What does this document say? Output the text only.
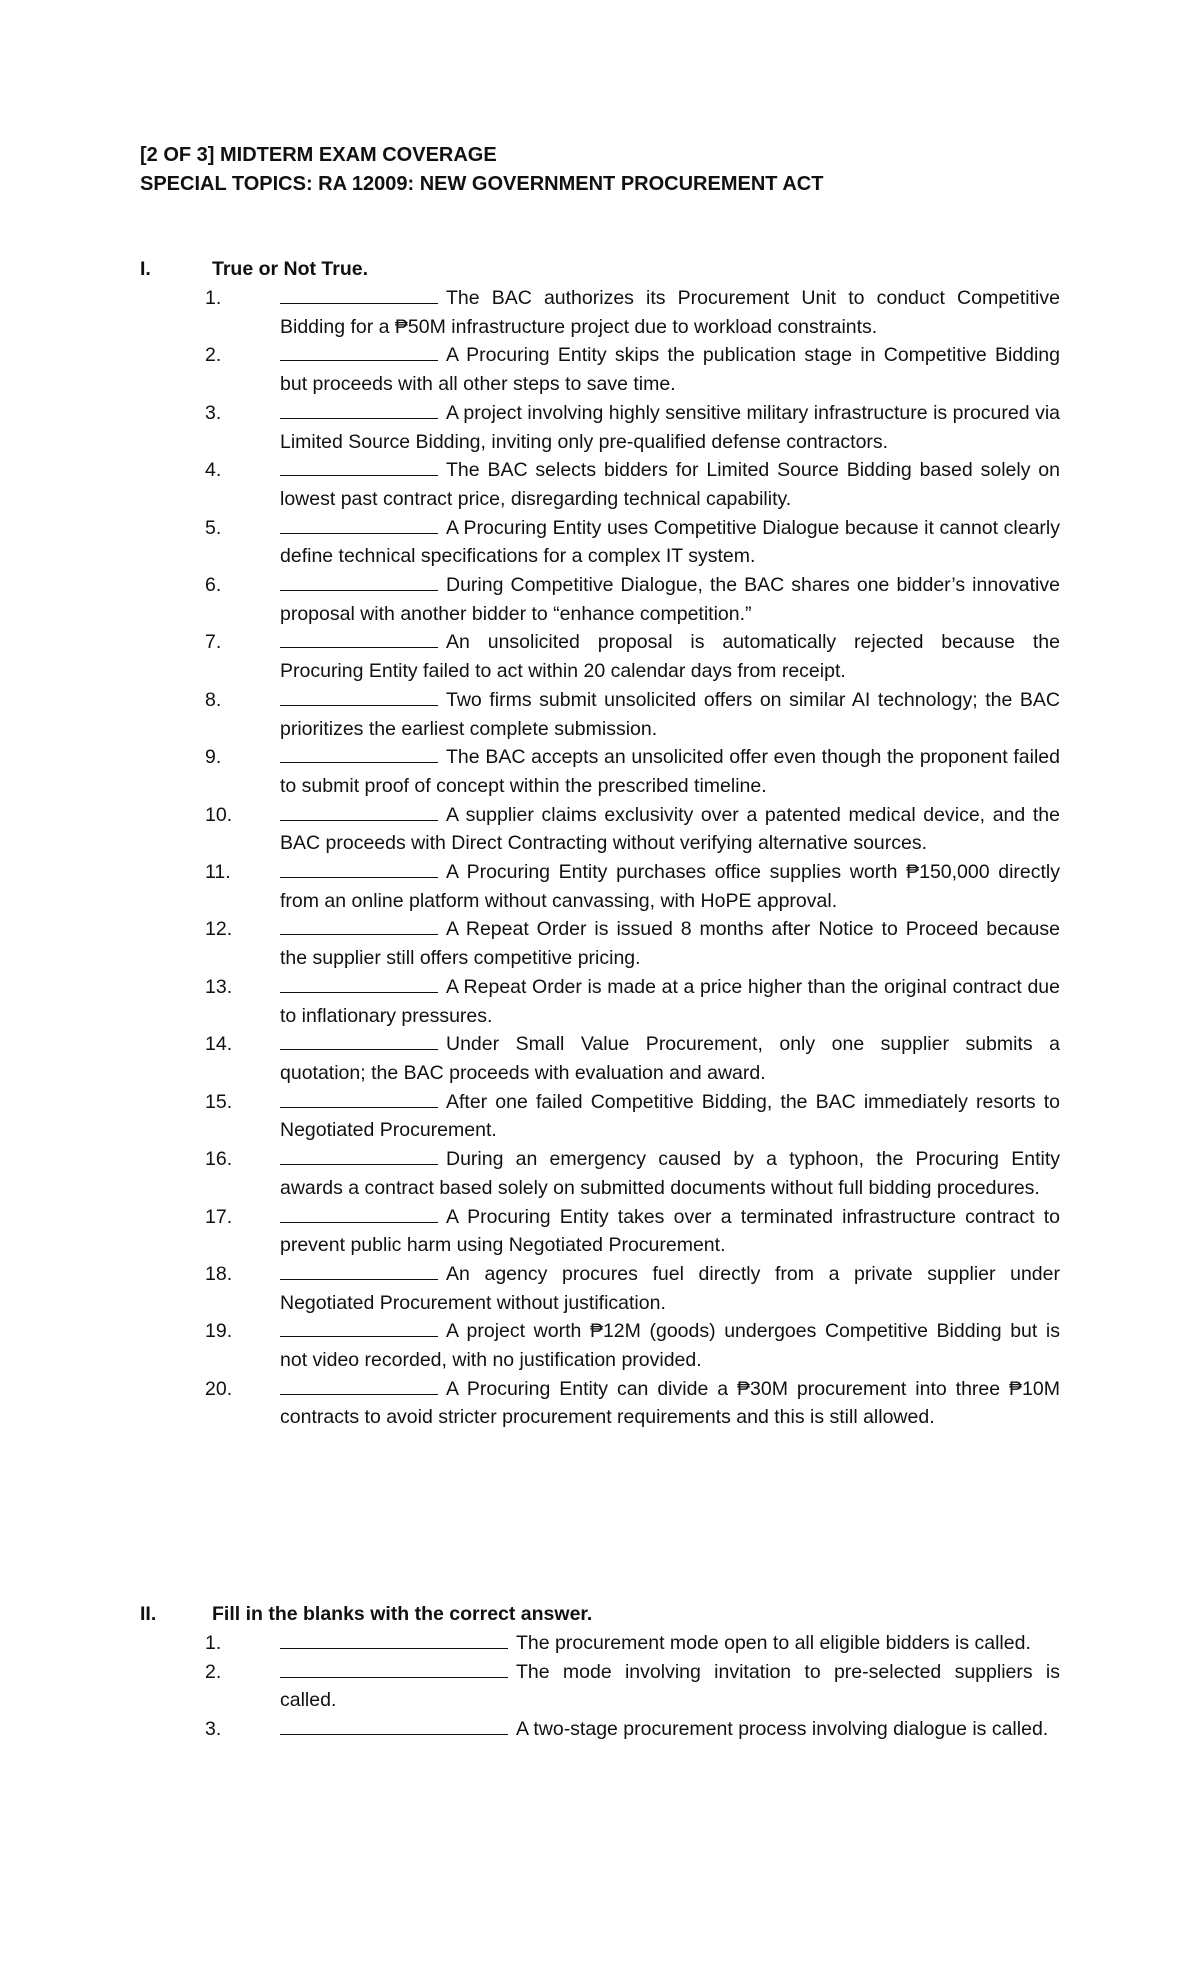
[2 OF 3] MIDTERM EXAM COVERAGE

SPECIAL TOPICS: RA 12009: NEW GOVERNMENT PROCUREMENT ACT

I.	True or Not True.
1.	The BAC authorizes its Procurement Unit to conduct Competitive Bidding for a ₱50M infrastructure project due to workload constraints.
2.	A Procuring Entity skips the publication stage in Competitive Bidding but proceeds with all other steps to save time.
3.	A project involving highly sensitive military infrastructure is procured via Limited Source Bidding, inviting only pre-qualified defense contractors.
4.	The BAC selects bidders for Limited Source Bidding based solely on lowest past contract price, disregarding technical capability.
5.	A Procuring Entity uses Competitive Dialogue because it cannot clearly define technical specifications for a complex IT system.
6.	During Competitive Dialogue, the BAC shares one bidder’s innovative proposal with another bidder to “enhance competition.”
7.	An unsolicited proposal is automatically rejected because the Procuring Entity failed to act within 20 calendar days from receipt.
8.	Two firms submit unsolicited offers on similar AI technology; the BAC prioritizes the earliest complete submission.
9.	The BAC accepts an unsolicited offer even though the proponent failed to submit proof of concept within the prescribed timeline.
10.	A supplier claims exclusivity over a patented medical device, and the BAC proceeds with Direct Contracting without verifying alternative sources.
11.	A Procuring Entity purchases office supplies worth ₱150,000 directly from an online platform without canvassing, with HoPE approval.
12.	A Repeat Order is issued 8 months after Notice to Proceed because the supplier still offers competitive pricing.
13.	A Repeat Order is made at a price higher than the original contract due to inflationary pressures.
14.	Under Small Value Procurement, only one supplier submits a quotation; the BAC proceeds with evaluation and award.
15.	After one failed Competitive Bidding, the BAC immediately resorts to Negotiated Procurement.
16.	During an emergency caused by a typhoon, the Procuring Entity awards a contract based solely on submitted documents without full bidding procedures.
17.	A Procuring Entity takes over a terminated infrastructure contract to prevent public harm using Negotiated Procurement.
18.	An agency procures fuel directly from a private supplier under Negotiated Procurement without justification.
19.	A project worth ₱12M (goods) undergoes Competitive Bidding but is not video recorded, with no justification provided.
20.	A Procuring Entity can divide a ₱30M procurement into three ₱10M contracts to avoid stricter procurement requirements and this is still allowed.
II.	Fill in the blanks with the correct answer.
1.	The procurement mode open to all eligible bidders is called.
2.	The mode involving invitation to pre-selected suppliers is called.
3.	A two-stage procurement process involving dialogue is called.
